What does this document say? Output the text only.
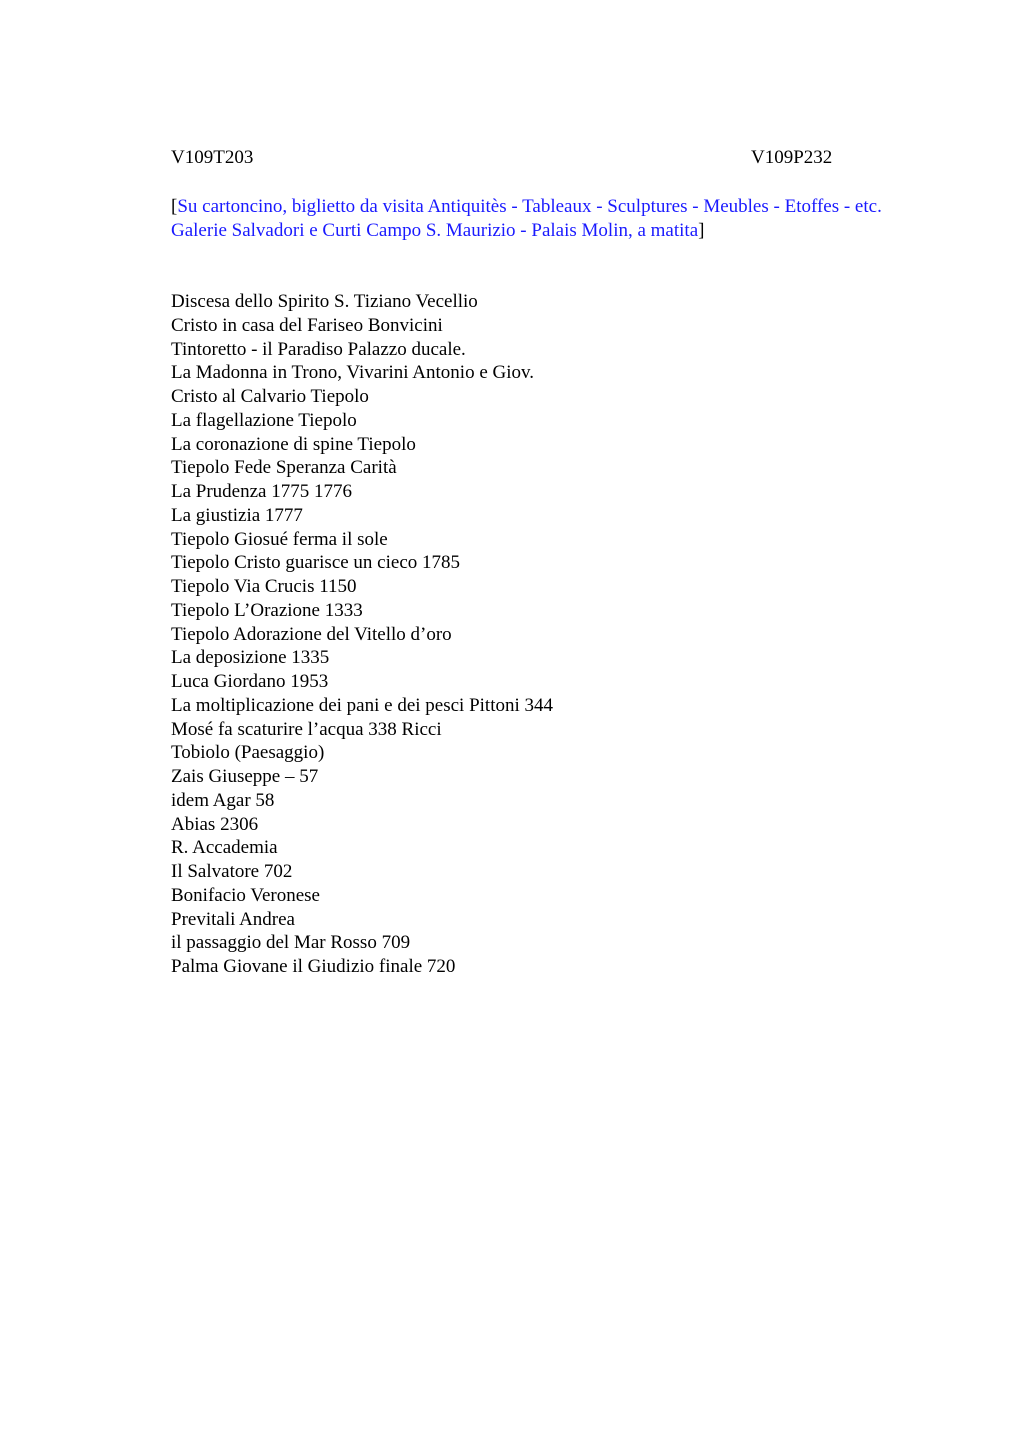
V109T203	V109P232
[Su cartoncino, biglietto da visita Antiquitès - Tableaux - Sculptures - Meubles - Etoffes - etc. Galerie Salvadori e Curti Campo S. Maurizio - Palais Molin, a matita]
Discesa dello Spirito S. Tiziano Vecellio
Cristo in casa del Fariseo Bonvicini
Tintoretto - il Paradiso Palazzo ducale.
La Madonna in Trono, Vivarini Antonio e Giov.
Cristo al Calvario Tiepolo
La flagellazione Tiepolo
La coronazione di spine Tiepolo
Tiepolo Fede Speranza Carità
La Prudenza 1775 1776
La giustizia 1777
Tiepolo Giosué ferma il sole
Tiepolo Cristo guarisce un cieco 1785
Tiepolo Via Crucis 1150
Tiepolo L’Orazione 1333
Tiepolo Adorazione del Vitello d’oro
La deposizione 1335
Luca Giordano 1953
La moltiplicazione dei pani e dei pesci Pittoni 344
Mosé fa scaturire l’acqua 338 Ricci
Tobiolo (Paesaggio)
Zais Giuseppe – 57
idem Agar 58
Abias 2306
R. Accademia
Il Salvatore 702
Bonifacio Veronese
Previtali Andrea
il passaggio del Mar Rosso 709
Palma Giovane il Giudizio finale 720
